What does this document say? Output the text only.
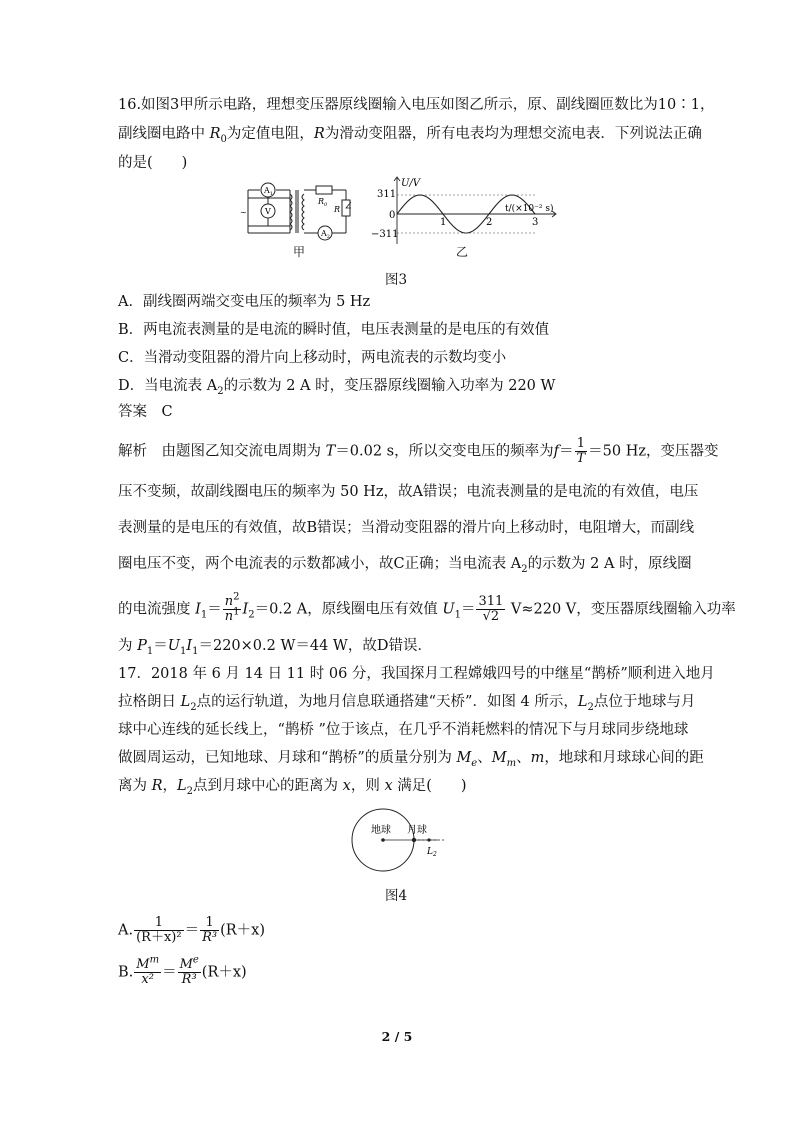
16.如图3甲所示电路，理想变压器原线圈输入电压如图乙所示，原、副线圈匝数比为10∶1，
副线圈电路中 $R_0$为定值电阻，R为滑动变阻器，所有电表均为理想交流电表．下列说法正确
的是(　　)
$A_1$
V
$A_2$
$R_0$ R
~
甲
1	2	3
U/V
t/(×10⁻² s)
311
−311
0
乙
图3
A．副线圈两端交变电压的频率为 5 Hz
B．两电流表测量的是电流的瞬时值，电压表测量的是电压的有效值
C．当滑动变阻器的滑片向上移动时，两电流表的示数均变小
D．当电流表 $A_2$的示数为 2 A 时，变压器原线圈输入功率为 220 W
答案　 C
解析　 由题图乙知交流电周期为 T＝0.02 s，所以交变电压的频率为$f= \frac{1}{T} =50$ Hz，变压器变
压不变频，故副线圈电压的频率为 50 Hz，故A错误；电流表测量的是电流的有效值，电压
表测量的是电压的有效值，故B错误；当滑动变阻器的滑片向上移动时，电阻增大，而副线
圈电压不变，两个电流表的示数都减小，故C正确；当电流表 $A_2$的示数为 2 A 时，原线圈
的电流强度 $I_1= \frac{n^2}{n^1} I_2=0.2$ A，原线圈电压有效值 $U_1= \frac{311}{√2} V\approx 220$ V，变压器原线圈输入功率
为 $P_1=U_1I_1=220\times 0.2$ W＝44 W，故D错误．
17．2018 年 6 月 14 日 11 时 06 分，我国探月工程嫦娥四号的中继星“鹊桥”顺利进入地月
拉格朗日 $L_2$点的运行轨道，为地月信息联通搭建“天桥”．如图 4 所示，$L_2$点位于地球与月
球中心连线的延长线上，“鹊桥 ”位于该点，在几乎不消耗燃料的情况下与月球同步绕地球
做圆周运动，已知地球、月球和“鹊桥”的质量分别为 $M_e$、$M_m$、m，地球和月球球心间的距
离为 R，$L_2$点到月球中心的距离为 x，则 x 满足(　　)
地球 月球
$L_2$
图4
A. $\frac{1}{\text{(R＋x)²}} = \frac{1}{\text{R³}} (R+x)$
B. $\frac{M^m}{\text{x²}} = \frac{M^e}{\text{R³}} (R+x)$
2 / 5
